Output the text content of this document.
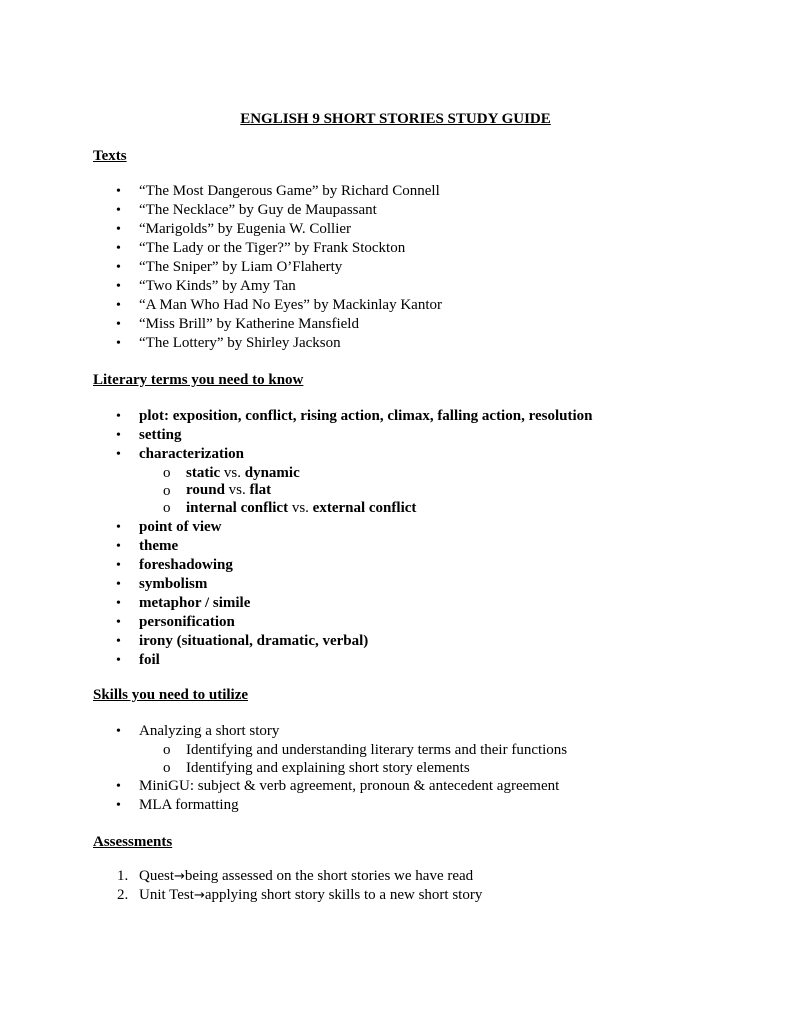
ENGLISH 9 SHORT STORIES STUDY GUIDE
Texts
• “The Most Dangerous Game” by Richard Connell
• “The Necklace” by Guy de Maupassant
• “Marigolds” by Eugenia W. Collier
• “The Lady or the Tiger?” by Frank Stockton
• “The Sniper” by Liam O’Flaherty
• “Two Kinds” by Amy Tan
• “A Man Who Had No Eyes” by Mackinlay Kantor
• “Miss Brill” by Katherine Mansfield
• “The Lottery” by Shirley Jackson
Literary terms you need to know
• plot: exposition, conflict, rising action, climax, falling action, resolution
• setting
• characterization
o static vs. dynamic
o round vs. flat
o internal conflict vs. external conflict
• point of view
• theme
• foreshadowing
• symbolism
• metaphor / simile
• personification
• irony (situational, dramatic, verbal)
• foil
Skills you need to utilize
• Analyzing a short story
o Identifying and understanding literary terms and their functions
o Identifying and explaining short story elements
• MiniGU: subject & verb agreement, pronoun & antecedent agreement
• MLA formatting
Assessments
1. Quest→being assessed on the short stories we have read
2. Unit Test→applying short story skills to a new short story
